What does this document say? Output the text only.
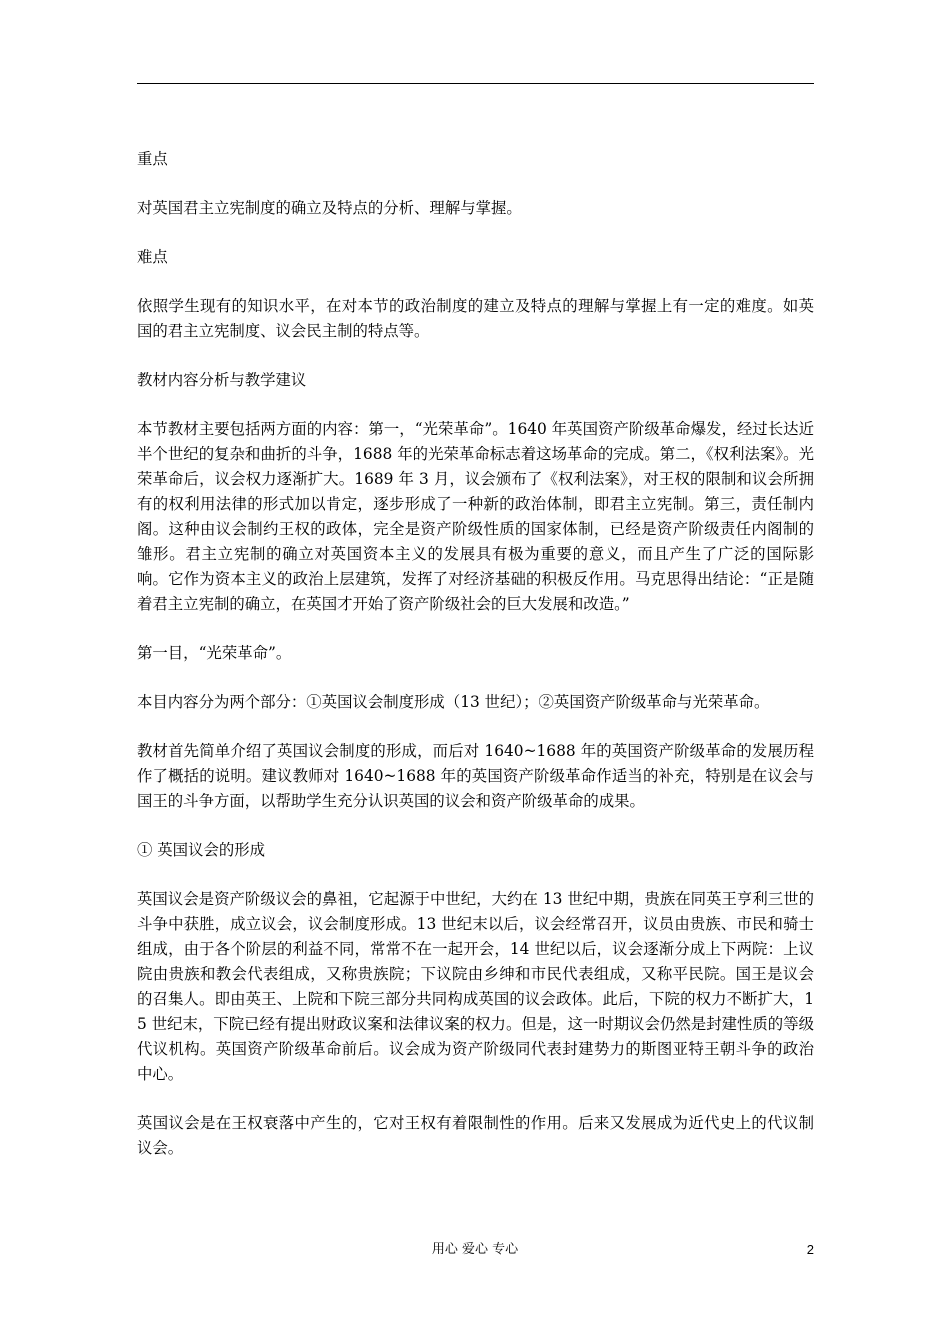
重点

对英国君主立宪制度的确立及特点的分析、理解与掌握。

难点

依照学生现有的知识水平，在对本节的政治制度的建立及特点的理解与掌握上有一定的难度。如英国的君主立宪制度、议会民主制的特点等。

教材内容分析与教学建议

本节教材主要包括两方面的内容：第一，“光荣革命”。1640 年英国资产阶级革命爆发，经过长达近半个世纪的复杂和曲折的斗争，1688 年的光荣革命标志着这场革命的完成。第二，《权利法案》。光荣革命后，议会权力逐渐扩大。1689 年 3 月，议会颁布了《权利法案》，对王权的限制和议会所拥有的权利用法律的形式加以肯定，逐步形成了一种新的政治体制，即君主立宪制。第三，责任制内阁。这种由议会制约王权的政体，完全是资产阶级性质的国家体制，已经是资产阶级责任内阁制的雏形。君主立宪制的确立对英国资本主义的发展具有极为重要的意义，而且产生了广泛的国际影响。它作为资本主义的政治上层建筑，发挥了对经济基础的积极反作用。马克思得出结论：“正是随着君主立宪制的确立，在英国才开始了资产阶级社会的巨大发展和改造。”

第一目，“光荣革命”。

本目内容分为两个部分：①英国议会制度形成（13 世纪）；②英国资产阶级革命与光荣革命。

教材首先简单介绍了英国议会制度的形成，而后对 1640~1688 年的英国资产阶级革命的发展历程作了概括的说明。建议教师对 1640~1688 年的英国资产阶级革命作适当的补充，特别是在议会与国王的斗争方面，以帮助学生充分认识英国的议会和资产阶级革命的成果。

① 英国议会的形成

英国议会是资产阶级议会的鼻祖，它起源于中世纪，大约在 13 世纪中期，贵族在同英王亨利三世的斗争中获胜，成立议会，议会制度形成。13 世纪末以后，议会经常召开，议员由贵族、市民和骑士组成，由于各个阶层的利益不同，常常不在一起开会，14 世纪以后，议会逐渐分成上下两院：上议院由贵族和教会代表组成，又称贵族院；下议院由乡绅和市民代表组成，又称平民院。国王是议会的召集人。即由英王、上院和下院三部分共同构成英国的议会政体。此后，下院的权力不断扩大，15 世纪末，下院已经有提出财政议案和法律议案的权力。但是，这一时期议会仍然是封建性质的等级代议机构。英国资产阶级革命前后。议会成为资产阶级同代表封建势力的斯图亚特王朝斗争的政治中心。

英国议会是在王权衰落中产生的，它对王权有着限制性的作用。后来又发展成为近代史上的代议制议会。

用心 爱心 专心	2
